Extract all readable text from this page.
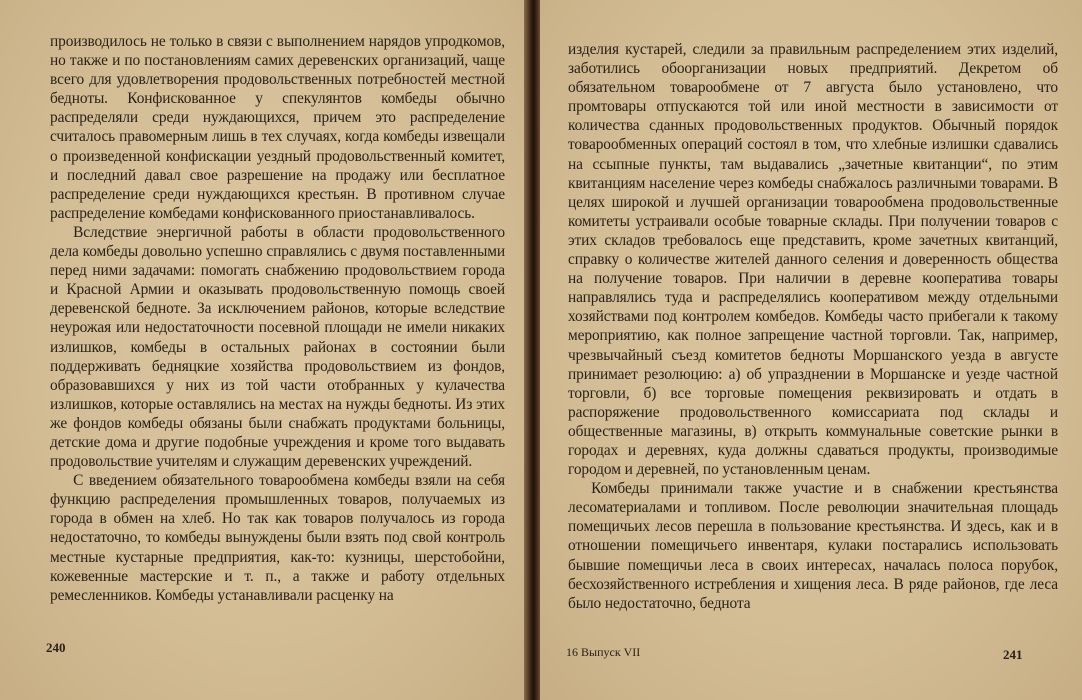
производилось не только в связи с выполнением нарядов упродкомов, но также и по постановлениям самих деревенских организаций, чаще всего для удовлетворения продовольственных потребностей местной бедноты. Конфискованное у спекулянтов комбеды обычно распределяли среди нуждающихся, причем это распределение считалось правомерным лишь в тех случаях, когда комбеды извещали о произведенной конфискации уездный продовольственный комитет, и последний давал свое разрешение на продажу или бесплатное распределение среди нуждающихся крестьян. В противном случае распределение комбедами конфискованного приостанавливалось.

Вследствие энергичной работы в области продовольственного дела комбеды довольно успешно справлялись с двумя поставленными перед ними задачами: помогать снабжению продовольствием города и Красной Армии и оказывать продовольственную помощь своей деревенской бедноте. За исключением районов, которые вследствие неурожая или недостаточности посевной площади не имели никаких излишков, комбеды в остальных районах в состоянии были поддерживать бедняцкие хозяйства продовольствием из фондов, образовавшихся у них из той части отобранных у кулачества излишков, которые оставлялись на местах на нужды бедноты. Из этих же фондов комбеды обязаны были снабжать продуктами больницы, детские дома и другие подобные учреждения и кроме того выдавать продовольствие учителям и служащим деревенских учреждений.

С введением обязательного товарообмена комбеды взяли на себя функцию распределения промышленных товаров, получаемых из города в обмен на хлеб. Но так как товаров получалось из города недостаточно, то комбеды вынуждены были взять под свой контроль местные кустарные предприятия, как-то: кузницы, шерстобойни, кожевенные мастерские и т. п., а также и работу отдельных ремесленников. Комбеды устанавливали расценку на

240

изделия кустарей, следили за правильным распределением этих изделий, заботились обоорганизации новых предприятий. Декретом об обязательном товарообмене от 7 августа было установлено, что промтовары отпускаются той или иной местности в зависимости от количества сданных продовольственных продуктов. Обычный порядок товарообменных операций состоял в том, что хлебные излишки сдавались на ссыпные пункты, там выдавались „зачетные квитанции“, по этим квитанциям население через комбеды снабжалось различными товарами. В целях широкой и лучшей организации товарообмена продовольственные комитеты устраивали особые товарные склады. При получении товаров с этих складов требовалось еще представить, кроме зачетных квитанций, справку о количестве жителей данного селения и доверенность общества на получение товаров. При наличии в деревне кооператива товары направлялись туда и распределялись кооперативом между отдельными хозяйствами под контролем комбедов. Комбеды часто прибегали к такому мероприятию, как полное запрещение частной торговли. Так, например, чрезвычайный съезд комитетов бедноты Моршанского уезда в августе принимает резолюцию: а) об упразднении в Моршанске и уезде частной торговли, б) все торговые помещения реквизировать и отдать в распоряжение продовольственного комиссариата под склады и общественные магазины, в) открыть коммунальные советские рынки в городах и деревнях, куда должны сдаваться продукты, производимые городом и деревней, по установленным ценам.

Комбеды принимали также участие и в снабжении крестьянства лесоматериалами и топливом. После революции значительная площадь помещичьих лесов перешла в пользование крестьянства. И здесь, как и в отношении помещичьего инвентаря, кулаки постарались использовать бывшие помещичьи леса в своих интересах, началась полоса порубок, бесхозяйственного истребления и хищения леса. В ряде районов, где леса было недостаточно, беднота

16 Выпуск VII	241
